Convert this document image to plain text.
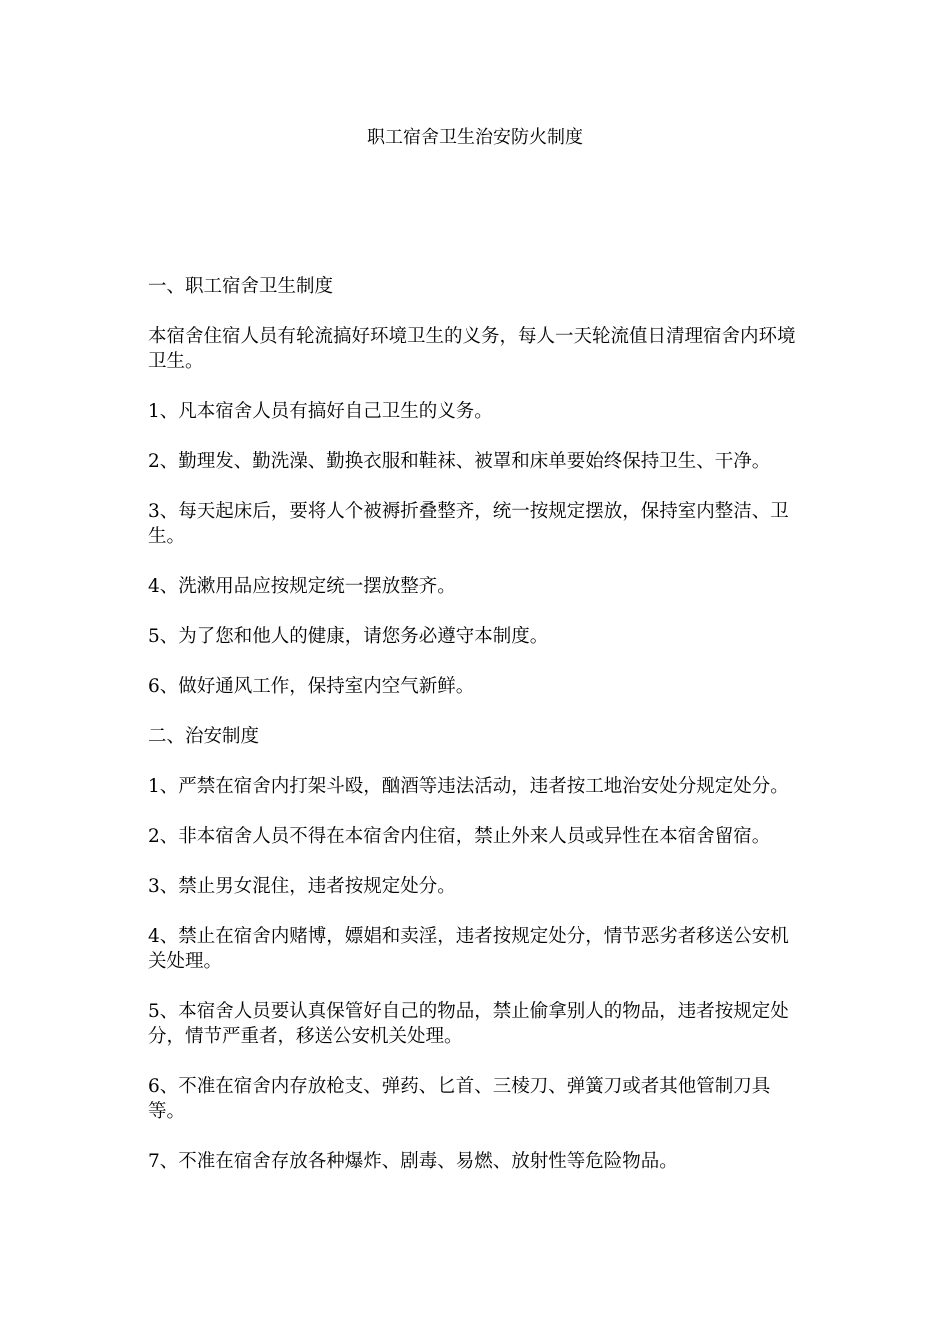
职工宿舍卫生治安防火制度

一、职工宿舍卫生制度

本宿舍住宿人员有轮流搞好环境卫生的义务，每人一天轮流值日清理宿舍内环境卫生。

1、凡本宿舍人员有搞好自己卫生的义务。

2、勤理发、勤洗澡、勤换衣服和鞋袜、被罩和床单要始终保持卫生、干净。

3、每天起床后，要将人个被褥折叠整齐，统一按规定摆放，保持室内整洁、卫生。

4、洗漱用品应按规定统一摆放整齐。

5、为了您和他人的健康，请您务必遵守本制度。

6、做好通风工作，保持室内空气新鲜。

二、治安制度

1、严禁在宿舍内打架斗殴，酗酒等违法活动，违者按工地治安处分规定处分。

2、非本宿舍人员不得在本宿舍内住宿，禁止外来人员或异性在本宿舍留宿。

3、禁止男女混住，违者按规定处分。

4、禁止在宿舍内赌博，嫖娼和卖淫，违者按规定处分，情节恶劣者移送公安机关处理。

5、本宿舍人员要认真保管好自己的物品，禁止偷拿别人的物品，违者按规定处分，情节严重者，移送公安机关处理。

6、不准在宿舍内存放枪支、弹药、匕首、三棱刀、弹簧刀或者其他管制刀具等。

7、不准在宿舍存放各种爆炸、剧毒、易燃、放射性等危险物品。
